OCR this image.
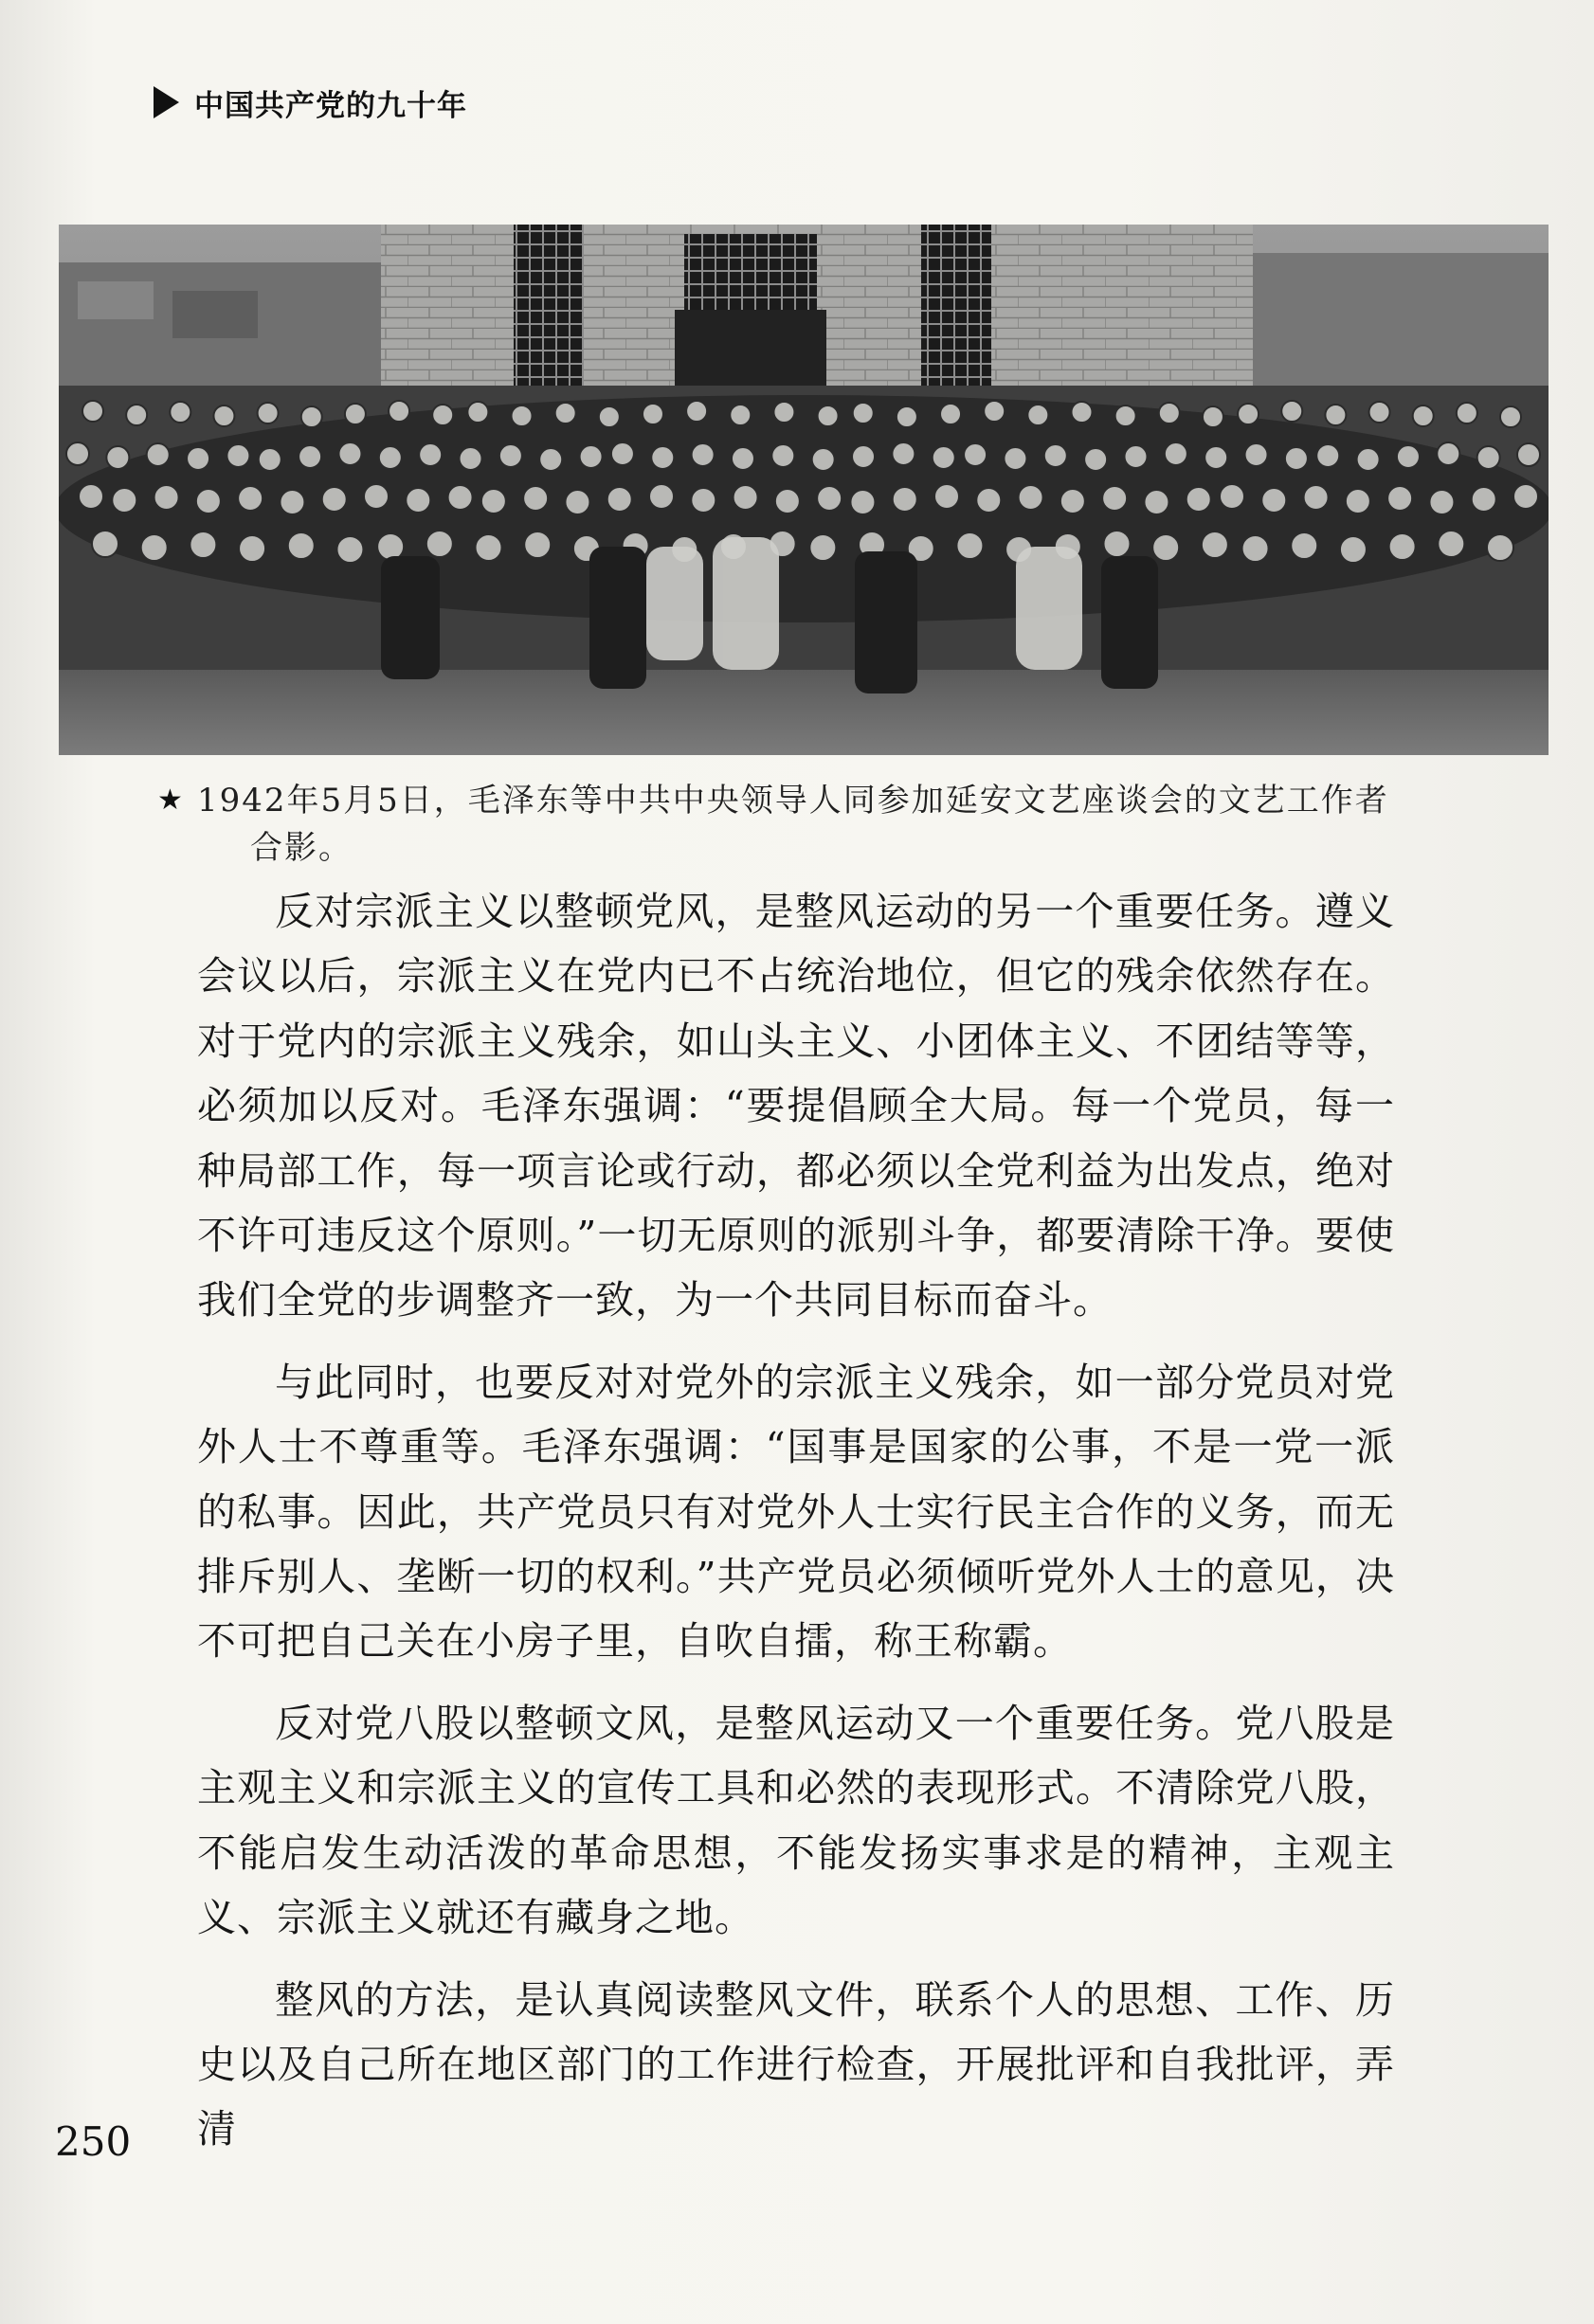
中国共产党的九十年
★ 1942年5月5日，毛泽东等中共中央领导人同参加延安文艺座谈会的文艺工作者合影。

反对宗派主义以整顿党风，是整风运动的另一个重要任务。遵义会议以后，宗派主义在党内已不占统治地位，但它的残余依然存在。对于党内的宗派主义残余，如山头主义、小团体主义、不团结等等，必须加以反对。毛泽东强调：“要提倡顾全大局。每一个党员，每一种局部工作，每一项言论或行动，都必须以全党利益为出发点，绝对不许可违反这个原则。”一切无原则的派别斗争，都要清除干净。要使我们全党的步调整齐一致，为一个共同目标而奋斗。

与此同时，也要反对对党外的宗派主义残余，如一部分党员对党外人士不尊重等。毛泽东强调：“国事是国家的公事，不是一党一派的私事。因此，共产党员只有对党外人士实行民主合作的义务，而无排斥别人、垄断一切的权利。”共产党员必须倾听党外人士的意见，决不可把自己关在小房子里，自吹自擂，称王称霸。

反对党八股以整顿文风，是整风运动又一个重要任务。党八股是主观主义和宗派主义的宣传工具和必然的表现形式。不清除党八股，不能启发生动活泼的革命思想，不能发扬实事求是的精神，主观主义、宗派主义就还有藏身之地。

整风的方法，是认真阅读整风文件，联系个人的思想、工作、历史以及自己所在地区部门的工作进行检查，开展批评和自我批评，弄清

250
